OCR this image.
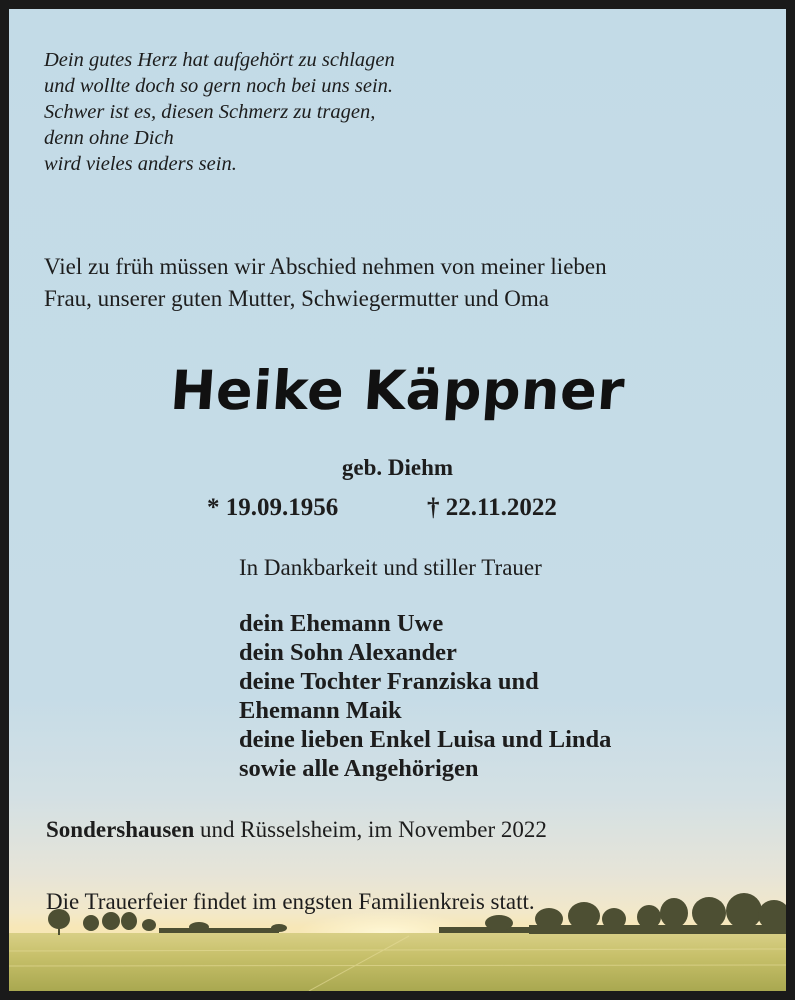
Dein gutes Herz hat aufgehört zu schlagen
und wollte doch so gern noch bei uns sein.
Schwer ist es, diesen Schmerz zu tragen,
denn ohne Dich
wird vieles anders sein.
Viel zu früh müssen wir Abschied nehmen von meiner lieben
Frau, unserer guten Mutter, Schwiegermutter und Oma
Heike Käppner
geb. Diehm
* 19.09.1956	† 22.11.2022
In Dankbarkeit und stiller Trauer
dein Ehemann Uwe
dein Sohn Alexander
deine Tochter Franziska und
Ehemann Maik
deine lieben Enkel Luisa und Linda
sowie alle Angehörigen
Sondershausen und Rüsselsheim, im November 2022
Die Trauerfeier findet im engsten Familienkreis statt.
